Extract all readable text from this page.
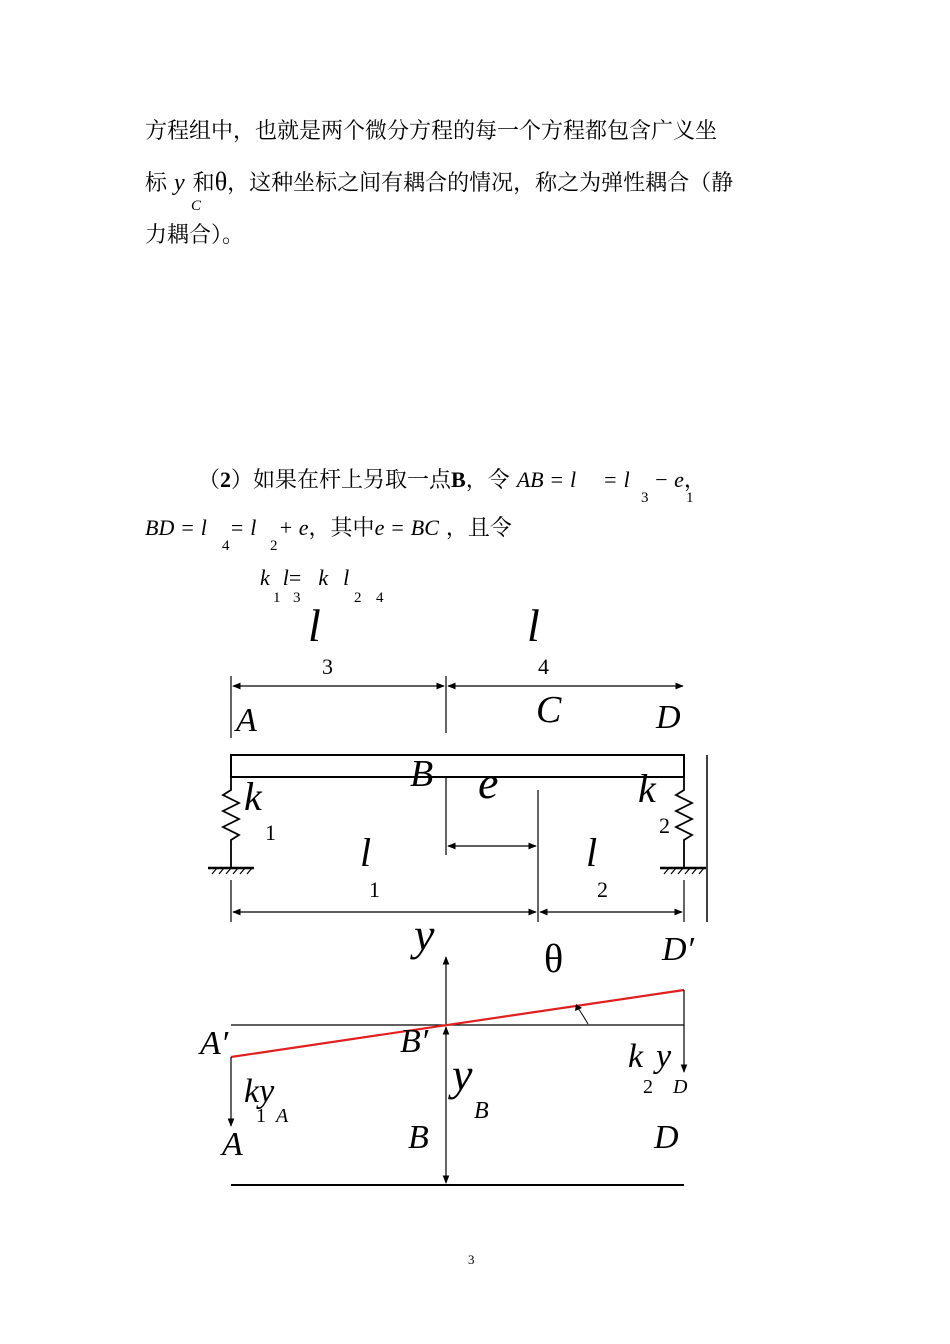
方程组中，也就是两个微分方程的每一个方程都包含广义坐
标 y
C
和θ，这种坐标之间有耦合的情况，称之为弹性耦合（静
力耦合）。
（2）如果在杆上另取一点B，令 AB = l = l − e，
3	1
BD = l = l + e，其中e = BC ，且令
4	2
k l= k l
1 3	2 4
l
3
l
4
A	C	D
B e
k
1
k
2
l
1
l
2
y	θ	D′
A′	B′	k y
2 D
y
B
ky
1 A
A	B	D
3
